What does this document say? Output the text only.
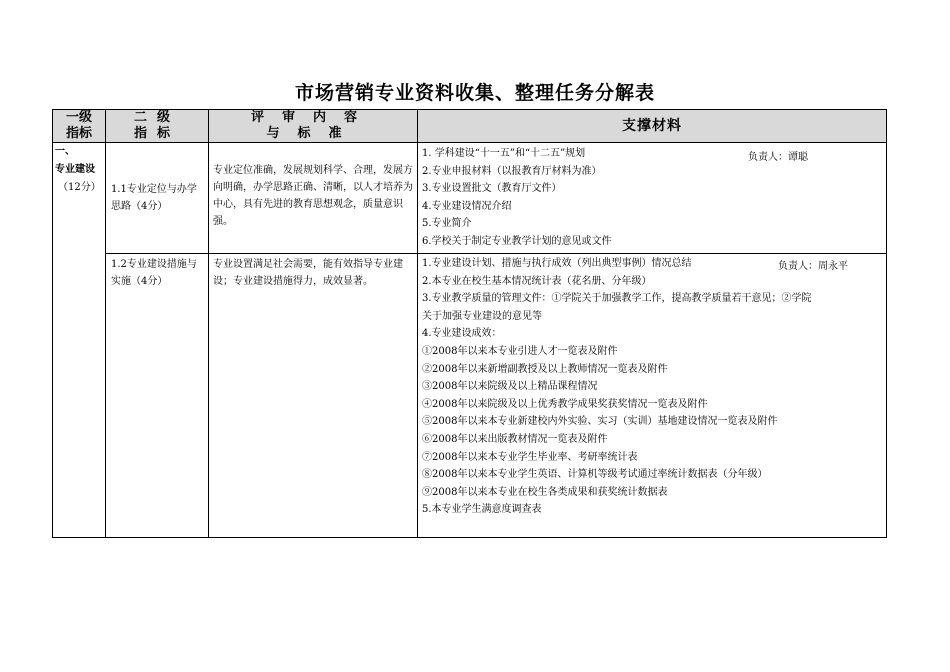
市场营销专业资料收集、整理任务分解表
一级
指标
二级
指标
评审内容
与标准	支撑材料
一、
专业建设
（12分） 1.1专业定位与办学思路（4分）
专业定位准确，发展规划科学、合理，发展方向明确，办学思路正确、清晰，以人才培养为中心，具有先进的教育思想观念，质量意识强。
1. 学科建设“十一五”和“十二五”规划
2.专业申报材料（以报教育厅材料为准）
3.专业设置批文（教育厅文件）
4.专业建设情况介绍
5.专业简介
6.学校关于制定专业教学计划的意见或文件
负责人：谭聪
1.2专业建设措施与实施（4分）
专业设置满足社会需要，能有效指导专业建设；专业建设措施得力，成效显著。
1.专业建设计划、措施与执行成效（列出典型事例）情况总结
2.本专业在校生基本情况统计表（花名册、分年级）
3.专业教学质量的管理文件：①学院关于加强教学工作，提高教学质量若干意见；②学院
关于加强专业建设的意见等
4.专业建设成效：
①2008年以来本专业引进人才一览表及附件
②2008年以来新增副教授及以上教师情况一览表及附件
③2008年以来院级及以上精品课程情况
④2008年以来院级及以上优秀教学成果奖获奖情况一览表及附件
⑤2008年以来本专业新建校内外实验、实习（实训）基地建设情况一览表及附件
⑥2008年以来出版教材情况一览表及附件
⑦2008年以来本专业学生毕业率、考研率统计表
⑧2008年以来本专业学生英语、计算机等级考试通过率统计数据表（分年级）
⑨2008年以来本专业在校生各类成果和获奖统计数据表
5.本专业学生满意度调查表
负责人：周永平
